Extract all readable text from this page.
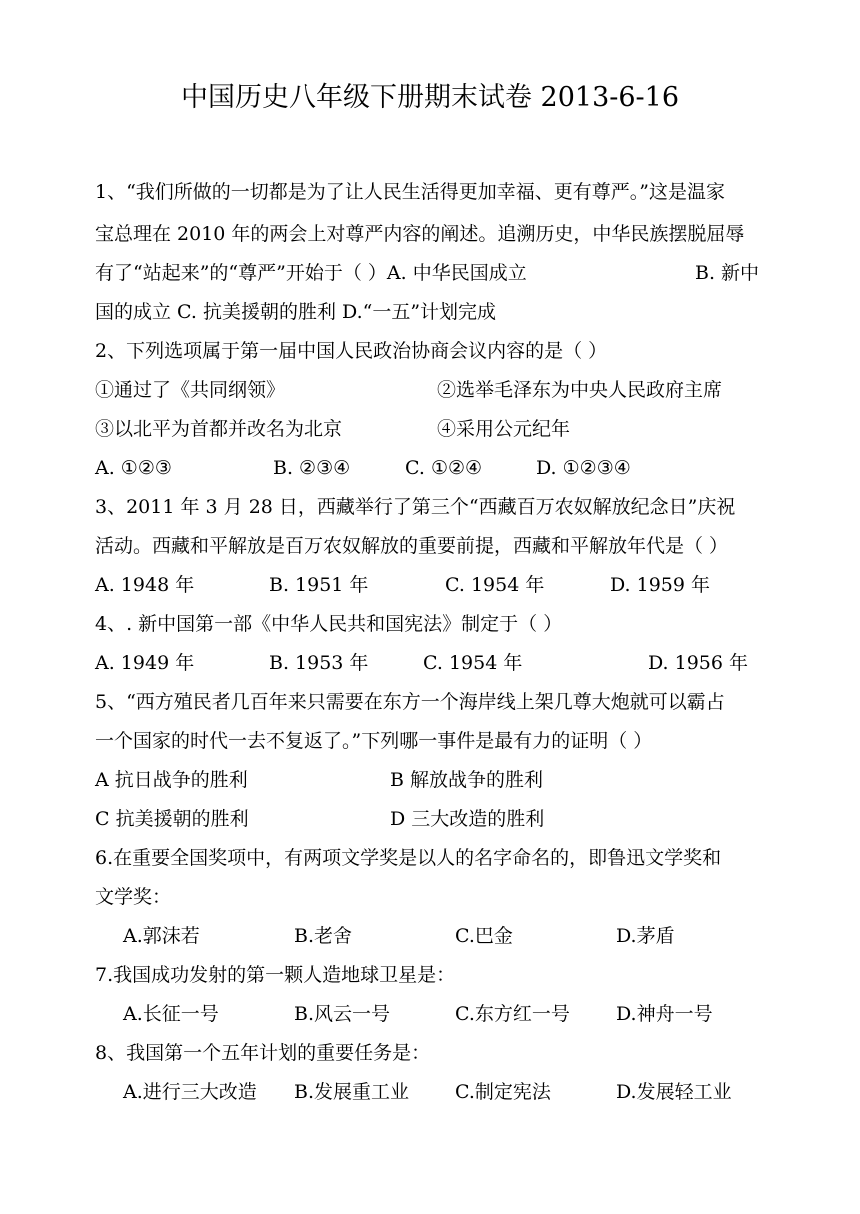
中国历史八年级下册期末试卷 2013-6-16
1、“我们所做的一切都是为了让人民生活得更加幸福、更有尊严。”这是温家
宝总理在 2010 年的两会上对尊严内容的阐述。追溯历史，中华民族摆脱屈辱
有了“站起来”的“尊严”开始于（ ）A. 中华民国成立	B. 新中
国的成立 C. 抗美援朝的胜利 D.“一五”计划完成
2、下列选项属于第一届中国人民政治协商会议内容的是（ ）
①通过了《共同纲领》	②选举毛泽东为中央人民政府主席
③以北平为首都并改名为北京	④采用公元纪年
A. ①②③	B. ②③④	C. ①②④	D. ①②③④
3、2011 年 3 月 28 日，西藏举行了第三个“西藏百万农奴解放纪念日”庆祝
活动。西藏和平解放是百万农奴解放的重要前提，西藏和平解放年代是（ ）
A. 1948 年	B. 1951 年	C. 1954 年	D. 1959 年
4、. 新中国第一部《中华人民共和国宪法》制定于（ ）
A. 1949 年	B. 1953 年	C. 1954 年	D. 1956 年
5、“西方殖民者几百年来只需要在东方一个海岸线上架几尊大炮就可以霸占
一个国家的时代一去不复返了。”下列哪一事件是最有力的证明（ ）
A 抗日战争的胜利	B 解放战争的胜利
C 抗美援朝的胜利	D 三大改造的胜利
6.在重要全国奖项中，有两项文学奖是以人的名字命名的，即鲁迅文学奖和
文学奖：
A.郭沫若	B.老舍	C.巴金	D.茅盾
7.我国成功发射的第一颗人造地球卫星是：
A.长征一号	B.风云一号	C.东方红一号 D.神舟一号
8、我国第一个五年计划的重要任务是：
A.进行三大改造 B.发展重工业 C.制定宪法	D.发展轻工业
